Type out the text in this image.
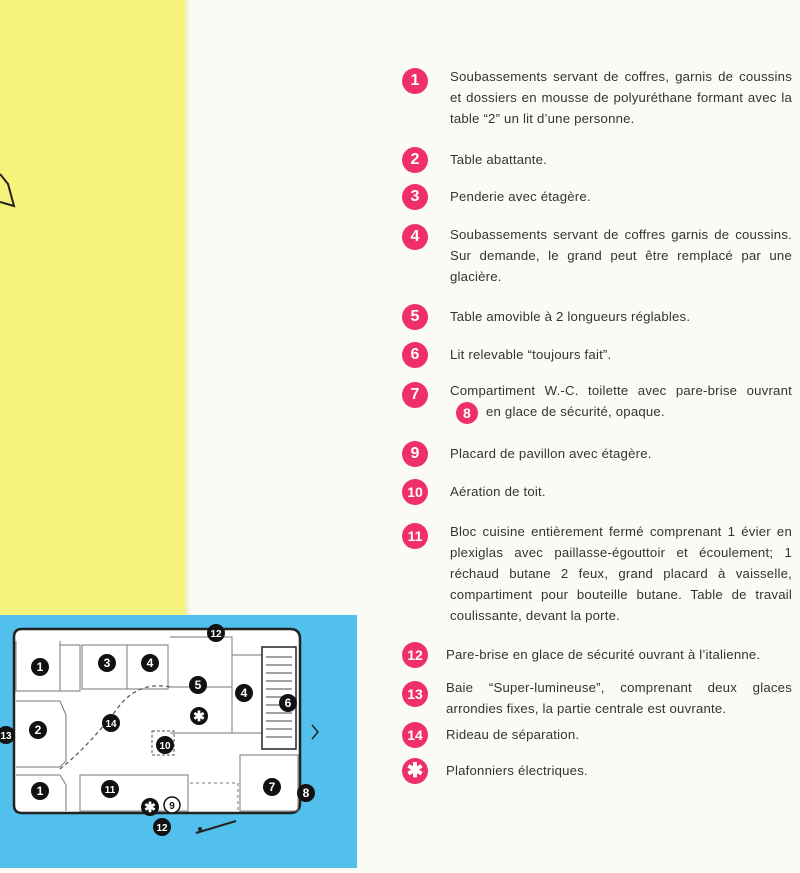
1	Soubassements servant de coffres, garnis de coussins et dossiers en mousse de polyuréthane formant avec la table “2” un lit d’une personne.
2	Table abattante.
3	Penderie avec étagère.
4	Soubassements servant de coffres garnis de coussins. Sur demande, le grand peut être remplacé par une glacière.
5	Table amovible à 2 longueurs réglables.
6	Lit relevable “toujours fait”.
7	Compartiment W.-C. toilette avec pare-brise ouvrant8 en glace de sécurité, opaque.
9	Placard de pavillon avec étagère.
10	Aération de toit.
11	Bloc cuisine entièrement fermé comprenant 1 évier en plexiglas avec paillasse-égouttoir et écoulement; 1 réchaud butane 2 feux, grand placard à vaisselle, compartiment pour bouteille butane. Table de travail coulissante, devant la porte.
12	Pare-brise en glace de sécurité ouvrant à l’italienne.
13	Baie “Super-lumineuse”, comprenant deux glaces arrondies fixes, la partie centrale est ouvrante.
14	Rideau de séparation.
✱	Plafonniers électriques.
1	3	4
5
4
6
2
13
14
10
✱
1	11	7 8
✱ 9
12
12
